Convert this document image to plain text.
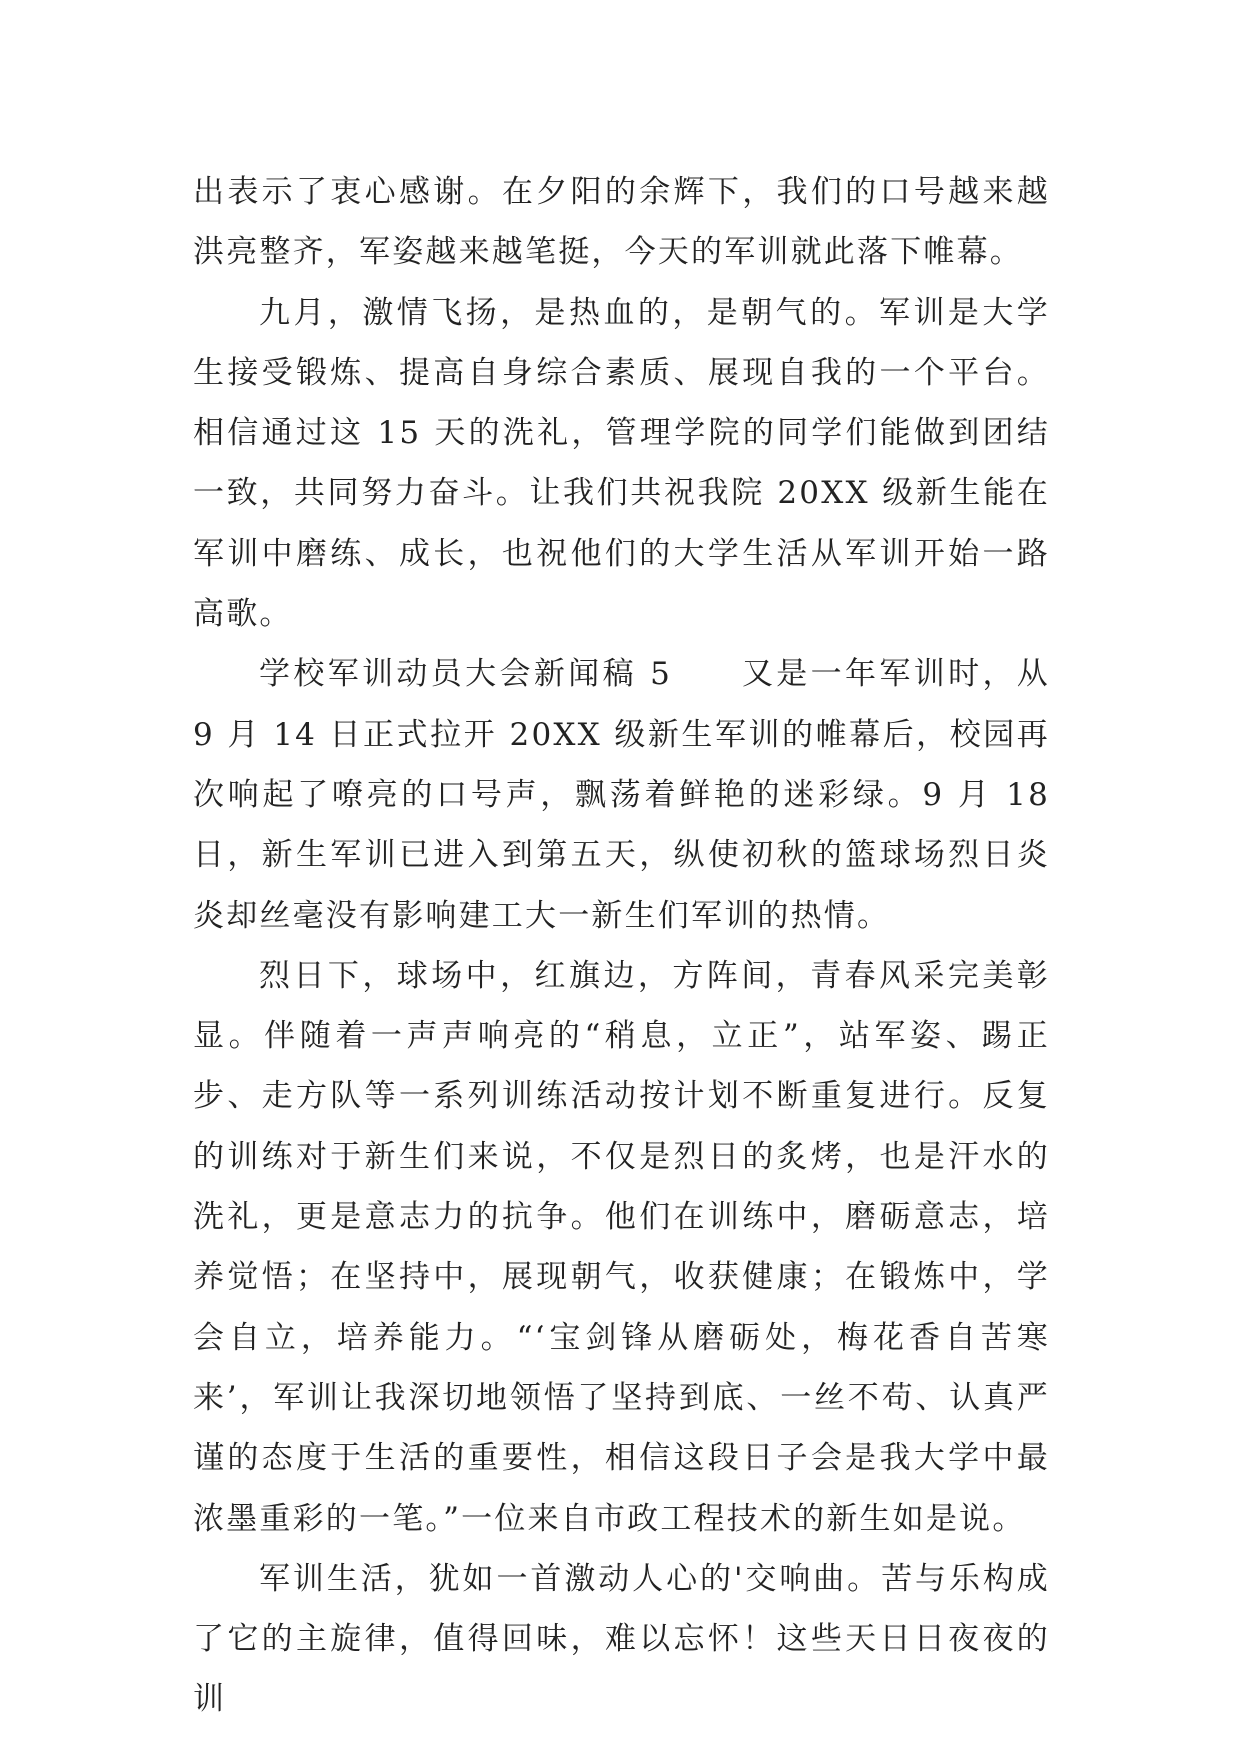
出表示了衷心感谢。在夕阳的余辉下，我们的口号越来越洪亮整齐，军姿越来越笔挺，今天的军训就此落下帷幕。

九月，激情飞扬，是热血的，是朝气的。军训是大学生接受锻炼、提高自身综合素质、展现自我的一个平台。相信通过这 15 天的洗礼，管理学院的同学们能做到团结一致，共同努力奋斗。让我们共祝我院 20XX 级新生能在军训中磨练、成长，也祝他们的大学生活从军训开始一路高歌。

学校军训动员大会新闻稿 5　　又是一年军训时，从 9 月 14 日正式拉开 20XX 级新生军训的帷幕后，校园再次响起了嘹亮的口号声，飘荡着鲜艳的迷彩绿。9 月 18 日，新生军训已进入到第五天，纵使初秋的篮球场烈日炎炎却丝毫没有影响建工大一新生们军训的热情。

烈日下，球场中，红旗边，方阵间，青春风采完美彰显。伴随着一声声响亮的“稍息，立正”，站军姿、踢正步、走方队等一系列训练活动按计划不断重复进行。反复的训练对于新生们来说，不仅是烈日的炙烤，也是汗水的洗礼，更是意志力的抗争。他们在训练中，磨砺意志，培养觉悟；在坚持中，展现朝气，收获健康；在锻炼中，学会自立，培养能力。“‘宝剑锋从磨砺处，梅花香自苦寒来’，军训让我深切地领悟了坚持到底、一丝不苟、认真严谨的态度于生活的重要性，相信这段日子会是我大学中最浓墨重彩的一笔。”一位来自市政工程技术的新生如是说。

军训生活，犹如一首激动人心的'交响曲。苦与乐构成了它的主旋律，值得回味，难以忘怀！这些天日日夜夜的训
